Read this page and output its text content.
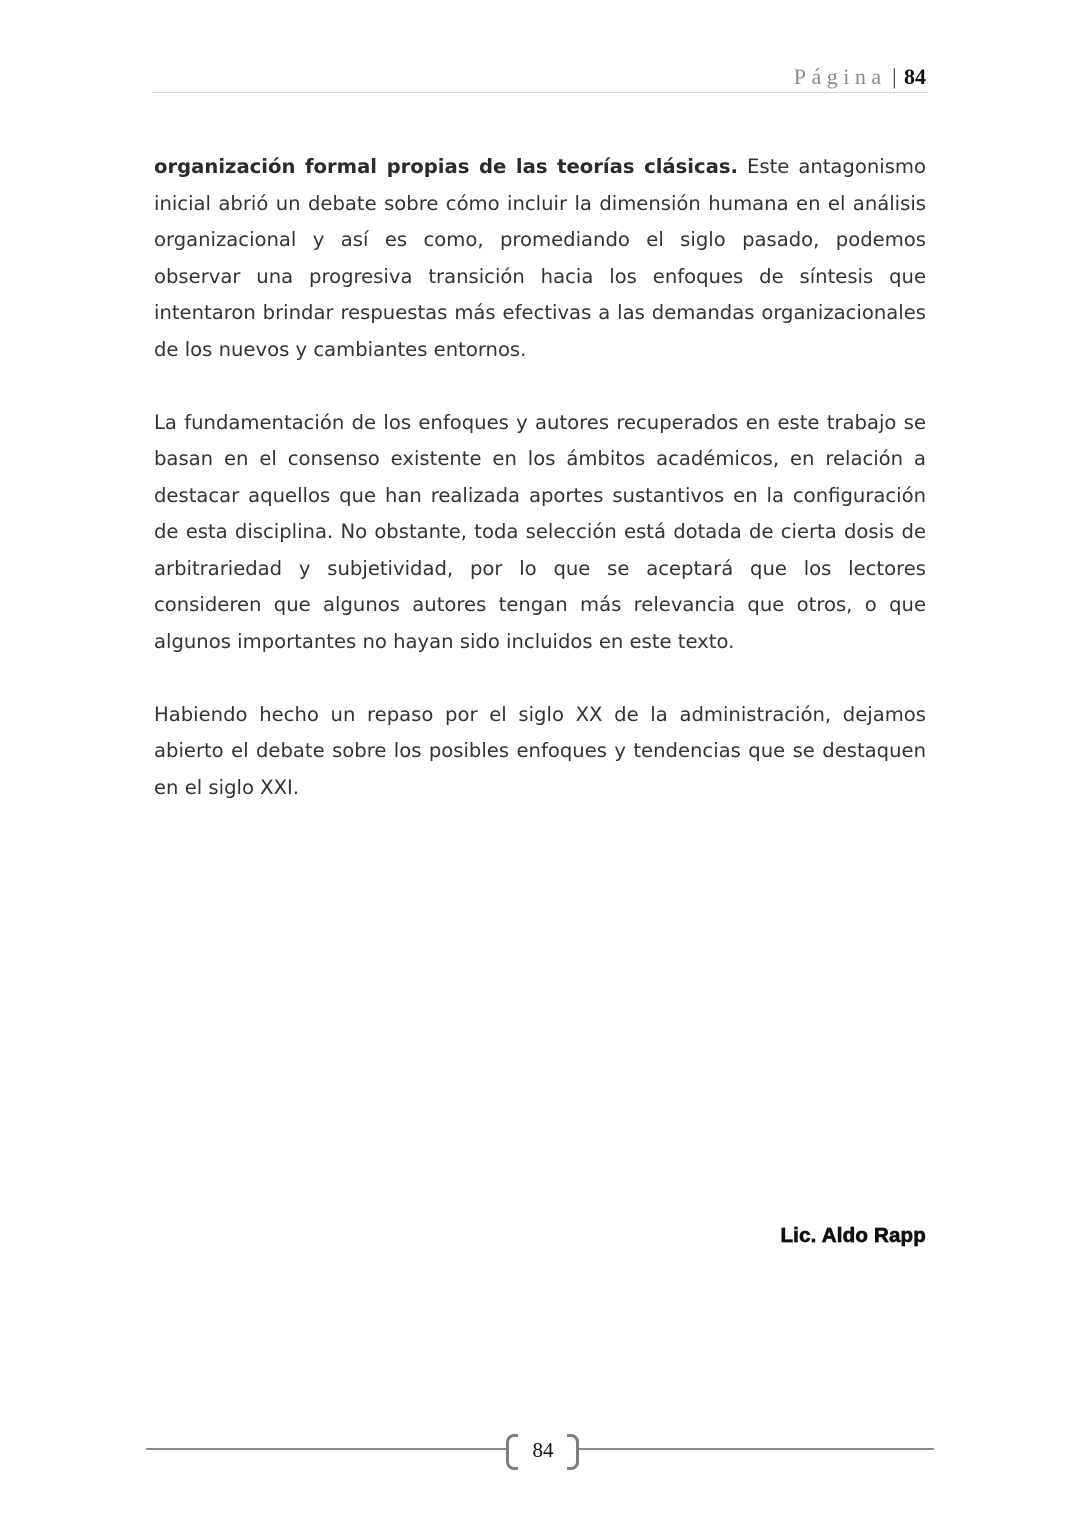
Página | 84

organización formal propias de las teorías clásicas. Este antagonismo inicial abrió un debate sobre cómo incluir la dimensión humana en el análisis organizacional y así es como, promediando el siglo pasado, podemos observar una progresiva transición hacia los enfoques de síntesis que intentaron brindar respuestas más efectivas a las demandas organizacionales de los nuevos y cambiantes entornos.

La fundamentación de los enfoques y autores recuperados en este trabajo se basan en el consenso existente en los ámbitos académicos, en relación a destacar aquellos que han realizada aportes sustantivos en la configuración de esta disciplina. No obstante, toda selección está dotada de cierta dosis de arbitrariedad y subjetividad, por lo que se aceptará que los lectores consideren que algunos autores tengan más relevancia que otros, o que algunos importantes no hayan sido incluidos en este texto.

Habiendo hecho un repaso por el siglo XX de la administración, dejamos abierto el debate sobre los posibles enfoques y tendencias que se destaquen en el siglo XXI.

Lic. Aldo Rapp
84
